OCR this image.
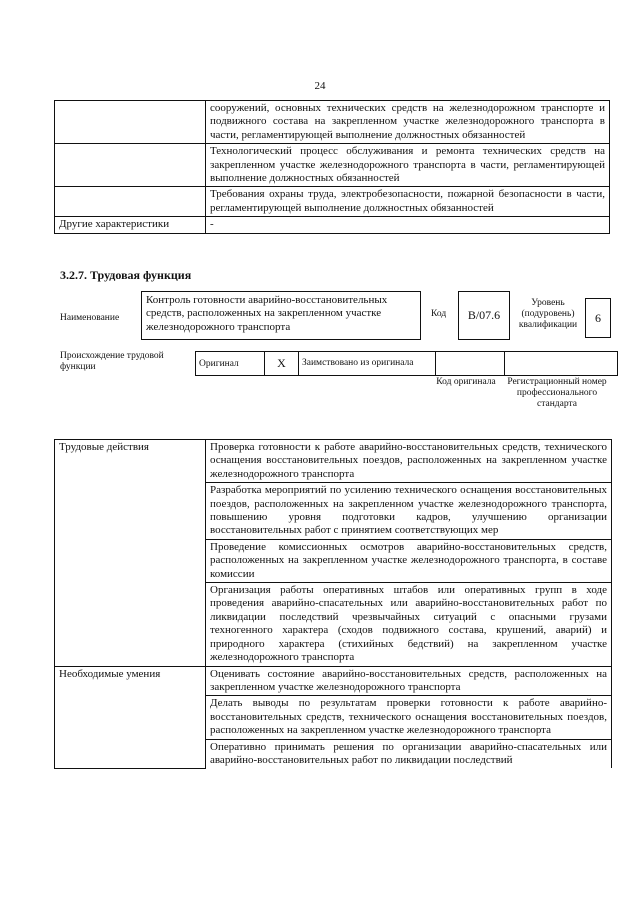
24
	сооружений, основных технических средств на железнодорожном транспорте и подвижного состава на закрепленном участке железнодорожного транспорта в части, регламентирующей выполнение должностных обязанностей
	Технологический процесс обслуживания и ремонта технических средств на закрепленном участке железнодорожного транспорта в части, регламентирующей выполнение должностных обязанностей
	Требования охраны труда, электробезопасности, пожарной безопасности в части, регламентирующей выполнение должностных обязанностей
Другие характеристики	-
3.2.7. Трудовая функция
Наименование
Контроль готовности аварийно-восстановительных средств, расположенных на закрепленном участке железнодорожного транспорта
Код	B/07.6
Уровень (подуровень) квалификации	6
Происхождение трудовой функции	Оригинал	X	Заимствовано из оригинала		
Код оригинала	Регистрационный номер профессионального стандарта
Трудовые действия	Проверка готовности к работе аварийно-восстановительных средств, технического оснащения восстановительных поездов, расположенных на закрепленном участке железнодорожного транспорта
	Разработка мероприятий по усилению технического оснащения восстановительных поездов, расположенных на закрепленном участке железнодорожного транспорта, повышению уровня подготовки кадров, улучшению организации восстановительных работ с принятием соответствующих мер
	Проведение комиссионных осмотров аварийно-восстановительных средств, расположенных на закрепленном участке железнодорожного транспорта, в составе комиссии
	Организация работы оперативных штабов или оперативных групп в ходе проведения аварийно-спасательных или аварийно-восстановительных работ по ликвидации последствий чрезвычайных ситуаций с опасными грузами техногенного характера (сходов подвижного состава, крушений, аварий) и природного характера (стихийных бедствий) на закрепленном участке железнодорожного транспорта
Необходимые умения	Оценивать состояние аварийно-восстановительных средств, расположенных на закрепленном участке железнодорожного транспорта
	Делать выводы по результатам проверки готовности к работе аварийно-восстановительных средств, технического оснащения восстановительных поездов, расположенных на закрепленном участке железнодорожного транспорта
	Оперативно принимать решения по организации аварийно-спасательных или аварийно-восстановительных работ по ликвидации последствий
